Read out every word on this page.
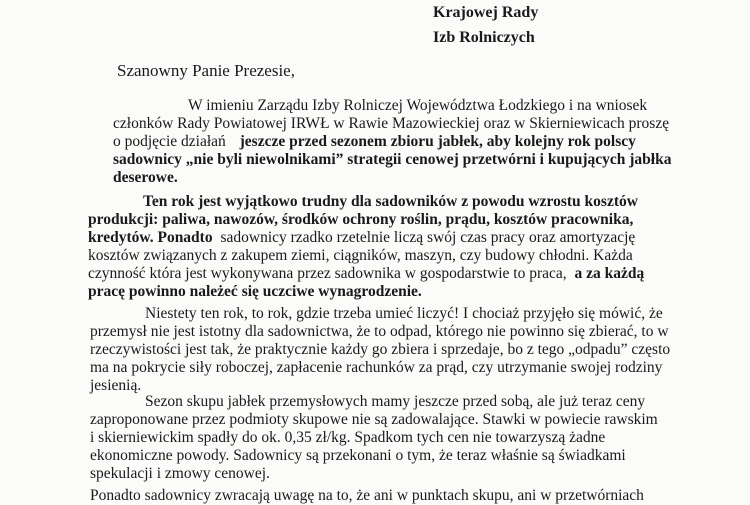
Krajowej Rady
Izb Rolniczych
Szanowny Panie Prezesie,
W imieniu Zarządu Izby Rolniczej Województwa Łodzkiego i na wniosek
członków Rady Powiatowej IRWŁ w Rawie Mazowieckiej oraz w Skierniewicach proszę
o podjęcie działań jeszcze przed sezonem zbioru jabłek, aby kolejny rok polscy
sadownicy „nie byli niewolnikami” strategii cenowej przetwórni i kupujących jabłka
deserowe.
Ten rok jest wyjątkowo trudny dla sadowników z powodu wzrostu kosztów
produkcji: paliwa, nawozów, środków ochrony roślin, prądu, kosztów pracownika,
kredytów. Ponadto sadownicy rzadko rzetelnie liczą swój czas pracy oraz amortyzację
kosztów związanych z zakupem ziemi, ciągników, maszyn, czy budowy chłodni. Każda
czynność która jest wykonywana przez sadownika w gospodarstwie to praca, a za każdą
pracę powinno należeć się uczciwe wynagrodzenie.
Niestety ten rok, to rok, gdzie trzeba umieć liczyć! I chociaż przyjęło się mówić, że
przemysł nie jest istotny dla sadownictwa, że to odpad, którego nie powinno się zbierać, to w
rzeczywistości jest tak, że praktycznie każdy go zbiera i sprzedaje, bo z tego „odpadu” często
ma na pokrycie siły roboczej, zapłacenie rachunków za prąd, czy utrzymanie swojej rodziny
jesienią.
Sezon skupu jabłek przemysłowych mamy jeszcze przed sobą, ale już teraz ceny
zaproponowane przez podmioty skupowe nie są zadowalające. Stawki w powiecie rawskim
i skierniewickim spadły do ok. 0,35 zł/kg. Spadkom tych cen nie towarzyszą żadne
ekonomiczne powody. Sadownicy są przekonani o tym, że teraz właśnie są świadkami
spekulacji i zmowy cenowej.
Ponadto sadownicy zwracają uwagę na to, że ani w punktach skupu, ani w przetwórniach
